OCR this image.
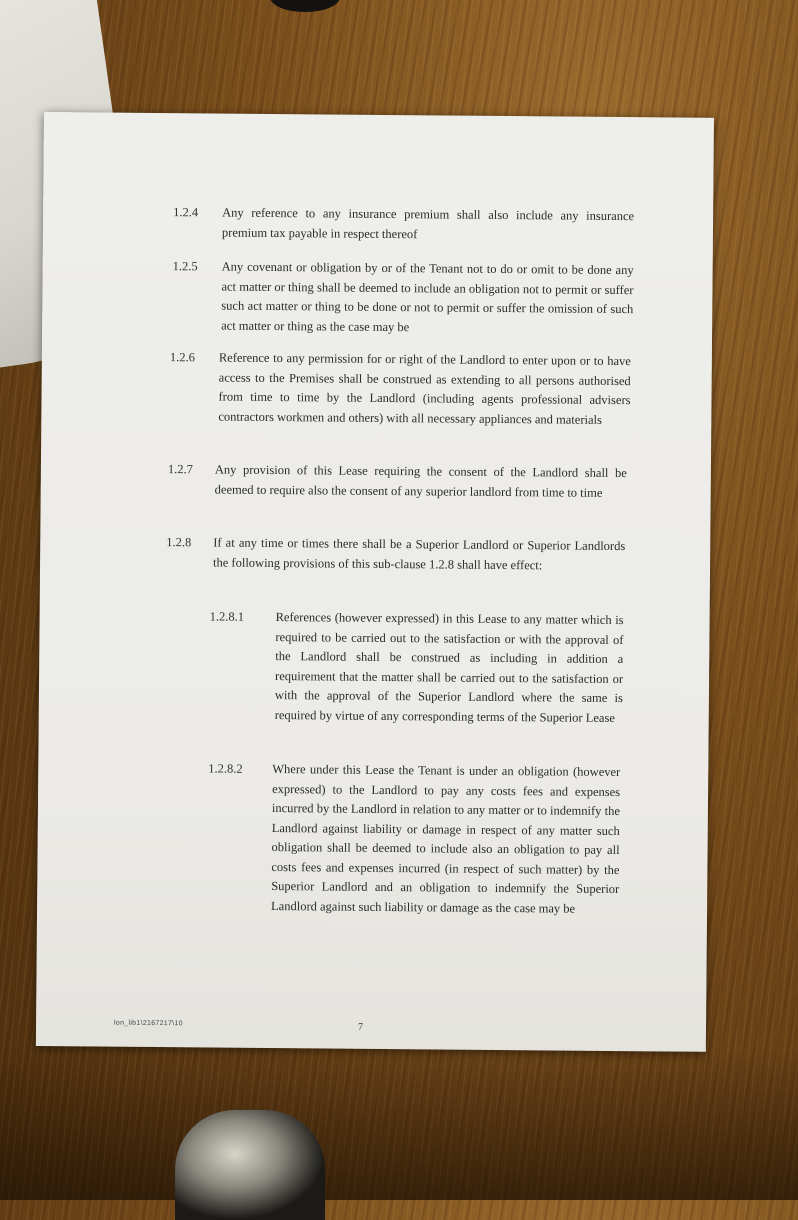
1.2.4 Any reference to any insurance premium shall also include any insurance premium tax payable in respect thereof
1.2.5 Any covenant or obligation by or of the Tenant not to do or omit to be done any act matter or thing shall be deemed to include an obligation not to permit or suffer such act matter or thing to be done or not to permit or suffer the omission of such act matter or thing as the case may be
1.2.6 Reference to any permission for or right of the Landlord to enter upon or to have access to the Premises shall be construed as extending to all persons authorised from time to time by the Landlord (including agents professional advisers contractors workmen and others) with all necessary appliances and materials
1.2.7 Any provision of this Lease requiring the consent of the Landlord shall be deemed to require also the consent of any superior landlord from time to time
1.2.8 If at any time or times there shall be a Superior Landlord or Superior Landlords the following provisions of this sub-clause 1.2.8 shall have effect:
1.2.8.1	References (however expressed) in this Lease to any matter which is required to be carried out to the satisfaction or with the approval of the Landlord shall be construed as including in addition a requirement that the matter shall be carried out to the satisfaction or with the approval of the Superior Landlord where the same is required by virtue of any corresponding terms of the Superior Lease
1.2.8.2 Where under this Lease the Tenant is under an obligation (however expressed) to the Landlord to pay any costs fees and expenses incurred by the Landlord in relation to any matter or to indemnify the Landlord against liability or damage in respect of any matter such obligation shall be deemed to include also an obligation to pay all costs fees and expenses incurred (in respect of such matter) by the Superior Landlord and an obligation to indemnify the Superior Landlord against such liability or damage as the case may be
lon_lib1\2167217\10	7
